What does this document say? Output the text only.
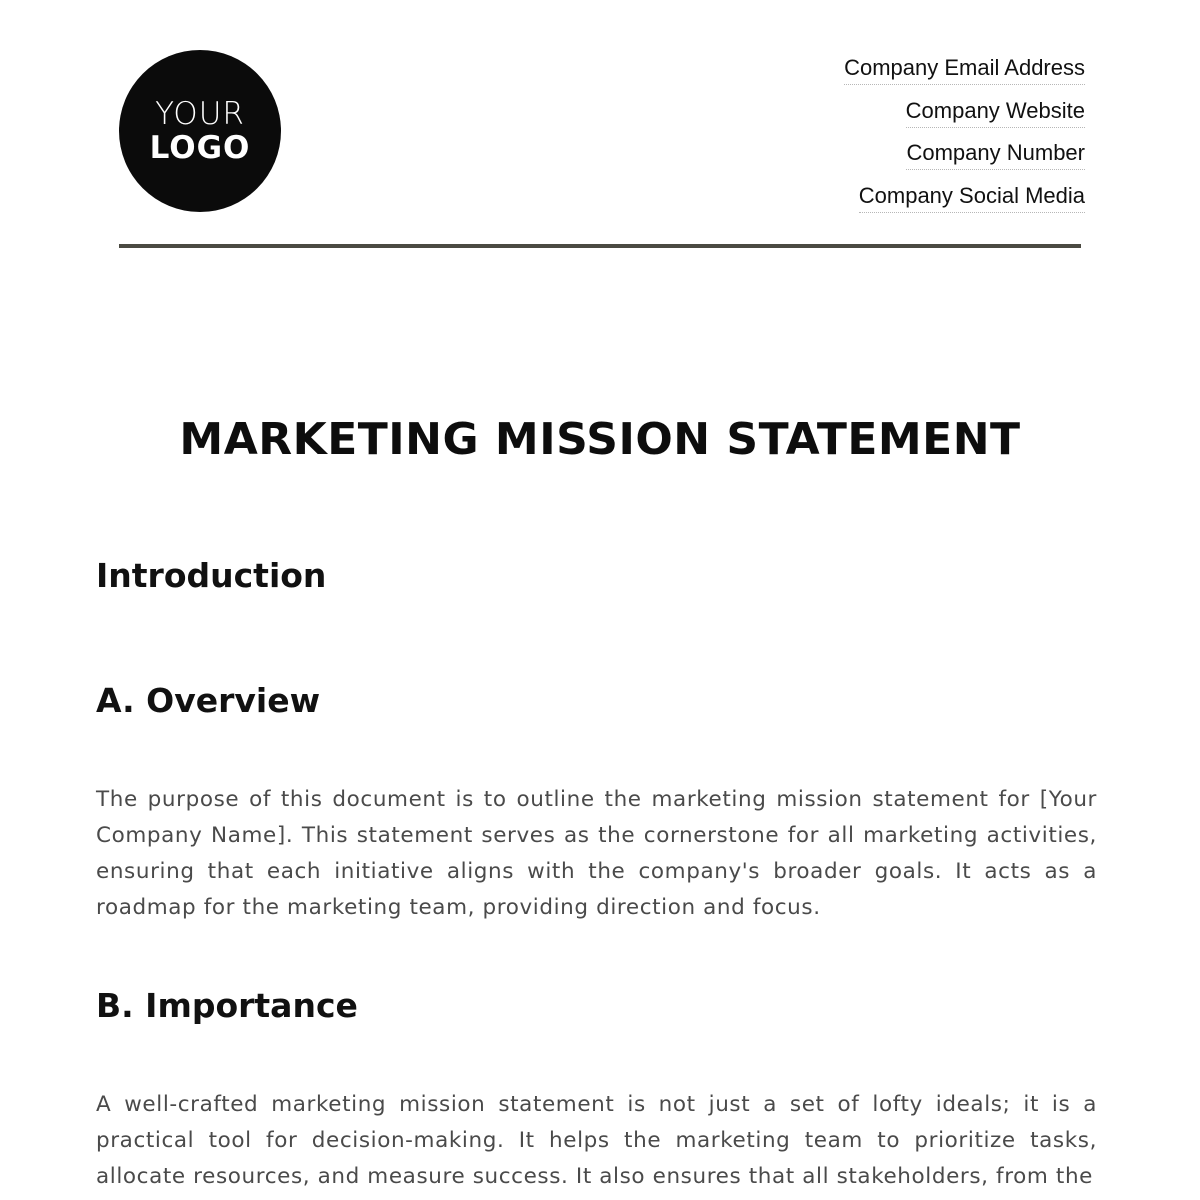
YOUR
LOGO
Company Email Address
Company Website
Company Number
Company Social Media
MARKETING MISSION STATEMENT
Introduction
A. Overview

The purpose of this document is to outline the marketing mission statement for [Your Company Name]. This statement serves as the cornerstone for all marketing activities, ensuring that each initiative aligns with the company's broader goals. It acts as a roadmap for the marketing team, providing direction and focus.

B. Importance

A well-crafted marketing mission statement is not just a set of lofty ideals; it is a practical tool for decision-making. It helps the marketing team to prioritize tasks, allocate resources, and measure success. It also ensures that all stakeholders, from the
